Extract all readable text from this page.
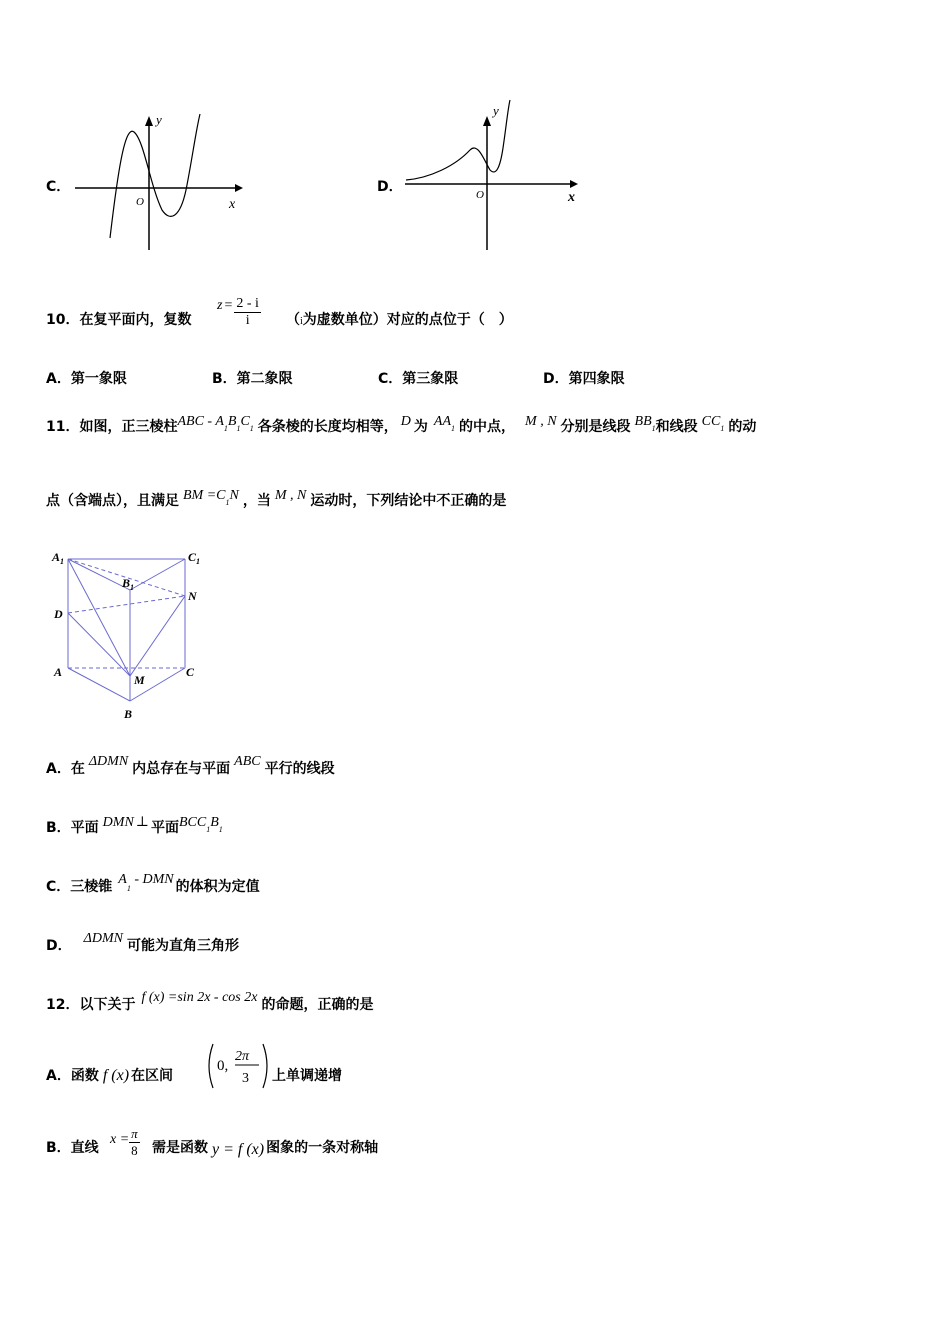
C．
y
x
O
D．
y
x
O
10．在复平面内，复数
$z = \frac{2 - i}{i} (i$为虚数单位）对应的点位于（　）
A．第一象限	B．第二象限	C．第三象限	D．第四象限
11．如图，正三棱柱ABC - A1B1C1 各条棱的长度均相等， D 为 AA1 的中点， M , N 分别是线段 BB1和线段 CC1 的动
点（含端点），且满足 BM =C1N ，当 M , N 运动时，下列结论中不正确的是
$A_1$	$C_1$
$B_1$
D
N
A	C
M
B
A．在 ΔDMN 内总存在与平面 ABC 平行的线段
B．平面 DMN ⊥ 平面BCC1B1
C．三棱锥 A1 - DMN 的体积为定值
D． ΔDMN 可能为直角三角形
12．以下关于 f (x) =sin 2x - cos 2x 的命题，正确的是
A．函数 f (x) 在区间
0,
2π
3 上单调递增
B．直线
$x = \frac{\pi}{8}$ 需是函数 y = f (x) 图象的一条对称轴
